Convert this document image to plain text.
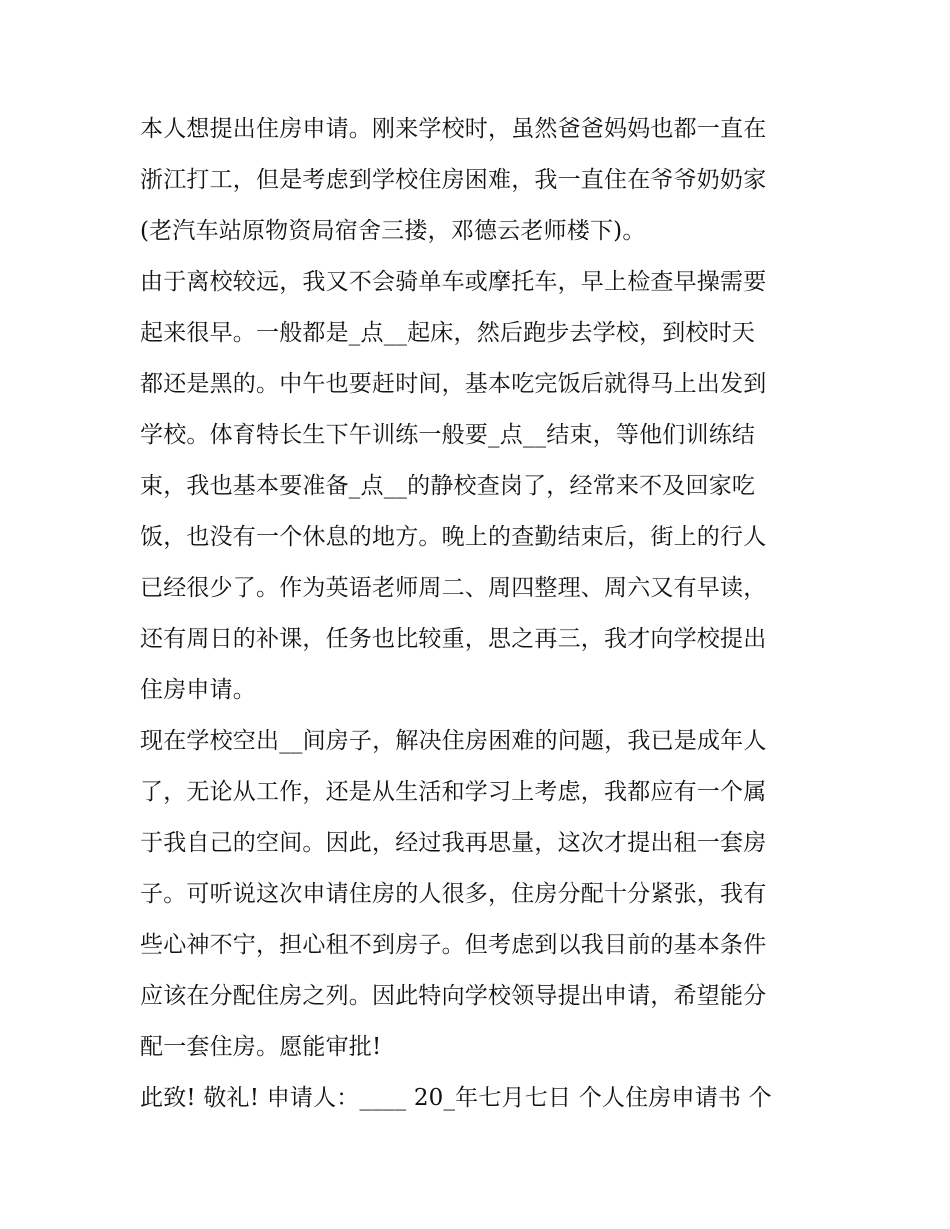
本人想提出住房申请。刚来学校时，虽然爸爸妈妈也都一直在
浙江打工，但是考虑到学校住房困难，我一直住在爷爷奶奶家
(老汽车站原物资局宿舍三搂，邓德云老师楼下)。
由于离校较远，我又不会骑单车或摩托车，早上检查早操需要
起来很早。一般都是_点__起床，然后跑步去学校，到校时天
都还是黑的。中午也要赶时间，基本吃完饭后就得马上出发到
学校。体育特长生下午训练一般要_点__结束，等他们训练结
束，我也基本要准备_点__的静校查岗了，经常来不及回家吃
饭，也没有一个休息的地方。晚上的查勤结束后，街上的行人
已经很少了。作为英语老师周二、周四整理、周六又有早读，
还有周日的补课，任务也比较重，思之再三，我才向学校提出
住房申请。
现在学校空出__间房子，解决住房困难的问题，我已是成年人
了，无论从工作，还是从生活和学习上考虑，我都应有一个属
于我自己的空间。因此，经过我再思量，这次才提出租一套房
子。可听说这次申请住房的人很多，住房分配十分紧张，我有
些心神不宁，担心租不到房子。但考虑到以我目前的基本条件
应该在分配住房之列。因此特向学校领导提出申请，希望能分
配一套住房。愿能审批!
此致! 敬礼! 申请人：____ 20_年七月七日 个人住房申请书 个
